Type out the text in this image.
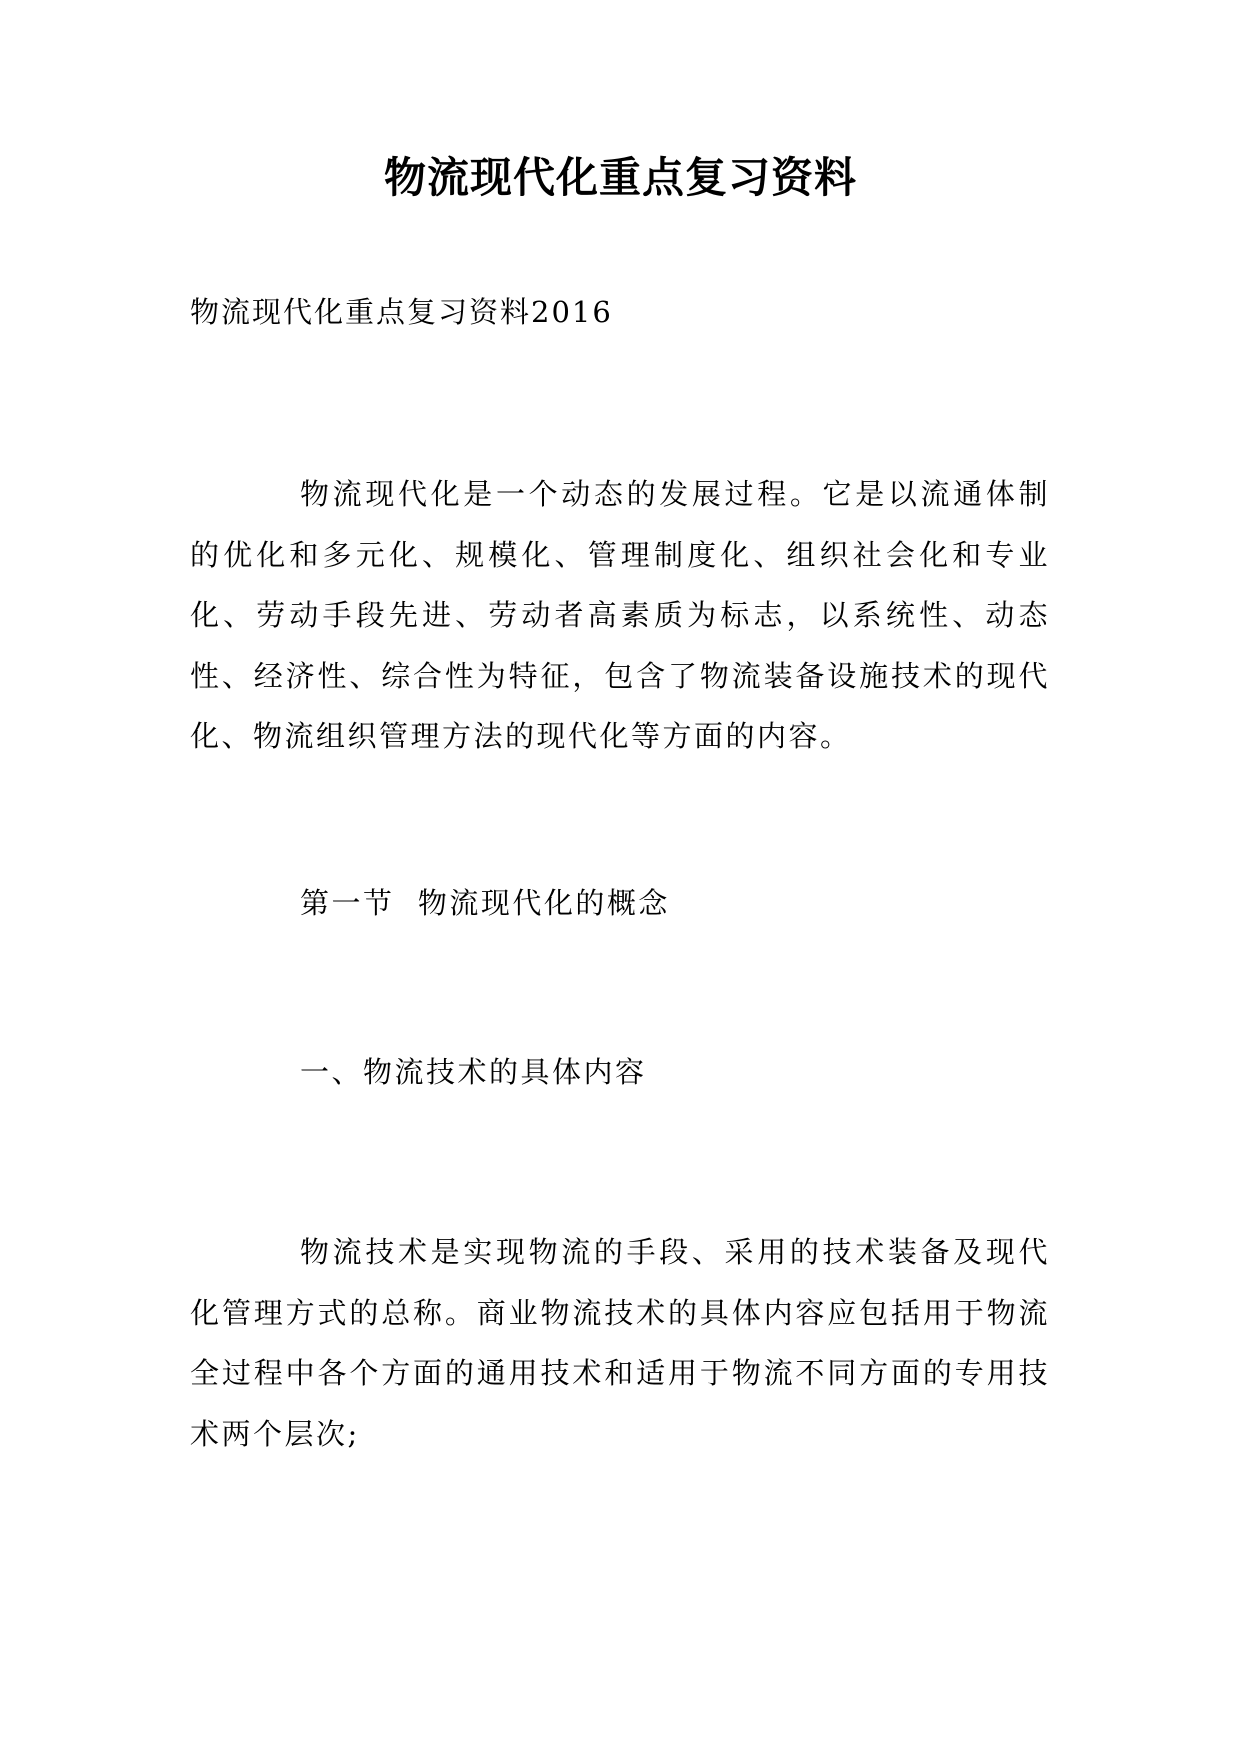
物流现代化重点复习资料

物流现代化重点复习资料2016

物流现代化是一个动态的发展过程。它是以流通体制的优化和多元化、规模化、管理制度化、组织社会化和专业化、劳动手段先进、劳动者高素质为标志，以系统性、动态性、经济性、综合性为特征，包含了物流装备设施技术的现代化、物流组织管理方法的现代化等方面的内容。

第一节  物流现代化的概念

一、物流技术的具体内容

物流技术是实现物流的手段、采用的技术装备及现代化管理方式的总称。商业物流技术的具体内容应包括用于物流全过程中各个方面的通用技术和适用于物流不同方面的专用技术两个层次;
